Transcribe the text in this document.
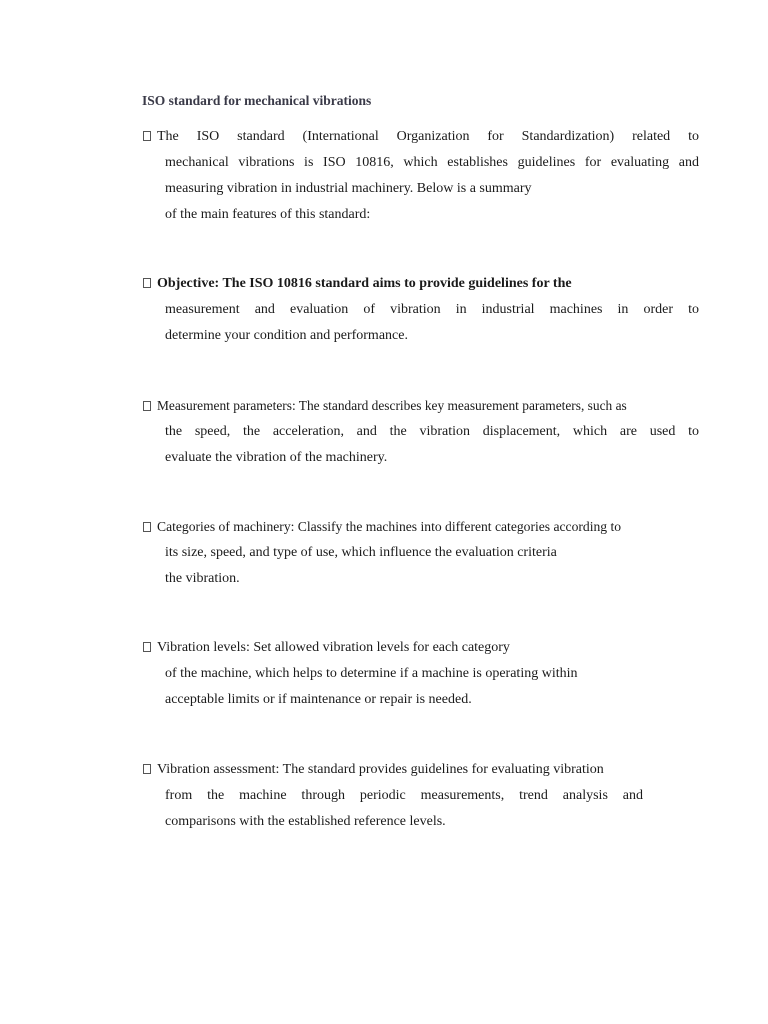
ISO standard for mechanical vibrations
The ISO standard (International Organization for Standardization) related to
mechanical vibrations is ISO 10816, which establishes guidelines for evaluating and
measuring vibration in industrial machinery. Below is a summary
of the main features of this standard:
Objective: The ISO 10816 standard aims to provide guidelines for the
measurement and evaluation of vibration in industrial machines in order to
determine your condition and performance.
Measurement parameters: The standard describes key measurement parameters, such as
the speed, the acceleration, and the vibration displacement, which are used to
evaluate the vibration of the machinery.
Categories of machinery: Classify the machines into different categories according to
its size, speed, and type of use, which influence the evaluation criteria
the vibration.
Vibration levels: Set allowed vibration levels for each category
of the machine, which helps to determine if a machine is operating within
acceptable limits or if maintenance or repair is needed.
Vibration assessment: The standard provides guidelines for evaluating vibration
from the machine through periodic measurements, trend analysis and
comparisons with the established reference levels.
